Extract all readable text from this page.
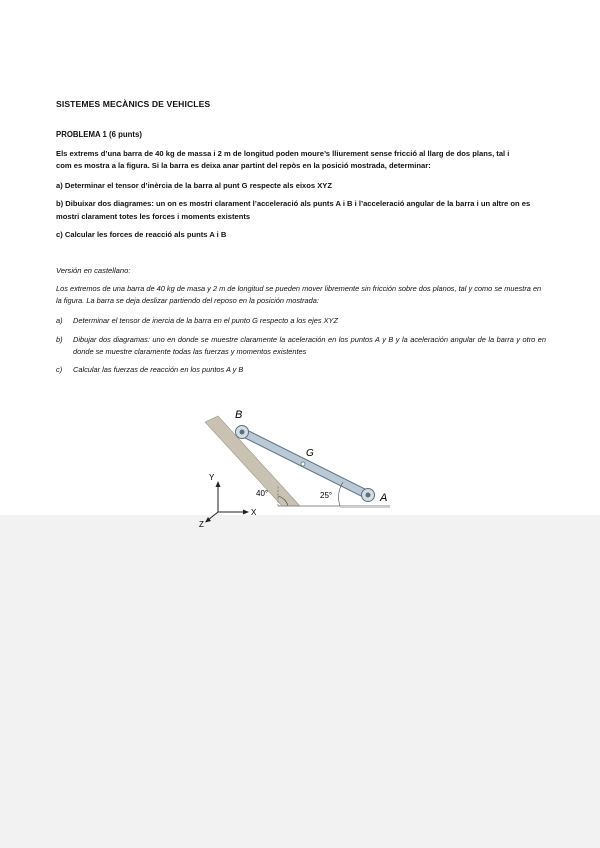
SISTEMES MECÀNICS DE VEHICLES
PROBLEMA 1 (6 punts)
Els extrems d’una barra de 40 kg de massa i 2 m de longitud poden moure’s lliurement sense fricció al llarg de dos plans, tal i com es mostra a la figura. Si la barra es deixa anar partint del repòs en la posició mostrada, determinar:
a) Determinar el tensor d’inèrcia de la barra al punt G respecte als eixos XYZ
b) Dibuixar dos diagrames: un on es mostri clarament l’acceleració als punts A i B i l’acceleració angular de la barra i un altre on es mostri clarament totes les forces i moments existents
c) Calcular les forces de reacció als punts A i B
Versión en castellano:
Los extremos de una barra de 40 kg de masa y 2 m de longitud se pueden mover libremente sin fricción sobre dos planos, tal y como se muestra en la figura. La barra se deja deslizar partiendo del reposo en la posición mostrada:
a)	Determinar el tensor de inercia de la barra en el punto G respecto a los ejes XYZ
b)	Dibujar dos diagramas: uno en donde se muestre claramente la aceleración en los puntos A y B y la aceleración angular de la barra y otro en donde se muestre claramente todas las fuerzas y momentos existentes
c)	Calcular las fuerzas de reacción en los puntos A y B
B
G
A
40°	25°
Y
X
Z
